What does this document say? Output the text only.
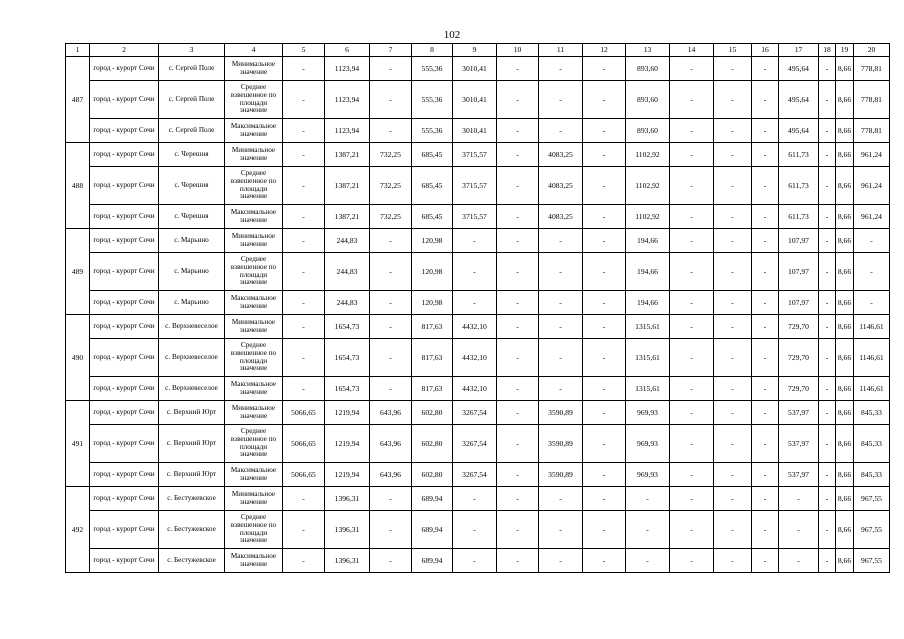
102
1	2	3	4	5	6	7	8	9	10	11	12	13	14	15	16	17	18	19	20
487	город - курорт Сочи	с. Сергей Поле	Минимальное значение	-	1123,94	-	555,36	3010,41	-	-	-	893,60	-	-	-	495,64	-	8,66	778,81
	город - курорт Сочи	с. Сергей Поле	Среднее взвешенное по площади значение	-	1123,94	-	555,36	3010,41	-	-	-	893,60	-	-	-	495,64	-	8,66	778,81
	город - курорт Сочи	с. Сергей Поле	Максимальное значение	-	1123,94	-	555,36	3010,41	-	-	-	893,60	-	-	-	495,64	-	8,66	778,81
488	город - курорт Сочи	с. Черешня	Минимальное значение	-	1387,21	732,25	685,45	3715,57	-	4083,25	-	1102,92	-	-	-	611,73	-	8,66	961,24
	город - курорт Сочи	с. Черешня	Среднее взвешенное по площади значение	-	1387,21	732,25	685,45	3715,57	-	4083,25	-	1102,92	-	-	-	611,73	-	8,66	961,24
	город - курорт Сочи	с. Черешня	Максимальное значение	-	1387,21	732,25	685,45	3715,57	-	4083,25	-	1102,92	-	-	-	611,73	-	8,66	961,24
489	город - курорт Сочи	с. Марьино	Минимальное значение	-	244,83	-	120,98	-	-	-	-	194,66	-	-	-	107,97	-	8,66	-
	город - курорт Сочи	с. Марьино	Среднее взвешенное по площади значение	-	244,83	-	120,98	-	-	-	-	194,66	-	-	-	107,97	-	8,66	-
	город - курорт Сочи	с. Марьино	Максимальное значение	-	244,83	-	120,98	-	-	-	-	194,66	-	-	-	107,97	-	8,66	-
490	город - курорт Сочи	с. Верхневеселое	Минимальное значение	-	1654,73	-	817,63	4432,10	-	-	-	1315,61	-	-	-	729,70	-	8,66	1146,61
	город - курорт Сочи	с. Верхневеселое	Среднее взвешенное по площади значение	-	1654,73	-	817,63	4432,10	-	-	-	1315,61	-	-	-	729,70	-	8,66	1146,61
	город - курорт Сочи	с. Верхневеселое	Максимальное значение	-	1654,73	-	817,63	4432,10	-	-	-	1315,61	-	-	-	729,70	-	8,66	1146,61
491	город - курорт Сочи	с. Верхний Юрт	Минимальное значение	5066,65	1219,94	643,96	602,80	3267,54	-	3590,89	-	969,93	-	-	-	537,97	-	8,66	845,33
	город - курорт Сочи	с. Верхний Юрт	Среднее взвешенное по площади значение	5066,65	1219,94	643,96	602,80	3267,54	-	3590,89	-	969,93	-	-	-	537,97	-	8,66	845,33
	город - курорт Сочи	с. Верхний Юрт	Максимальное значение	5066,65	1219,94	643,96	602,80	3267,54	-	3590,89	-	969,93	-	-	-	537,97	-	8,66	845,33
492	город - курорт Сочи	с. Бестужевское	Минимальное значение	-	1396,31	-	689,94	-	-	-	-	-	-	-	-	-	-	8,66	967,55
	город - курорт Сочи	с. Бестужевское	Среднее взвешенное по площади значение	-	1396,31	-	689,94	-	-	-	-	-	-	-	-	-	-	8,66	967,55
	город - курорт Сочи	с. Бестужевское	Максимальное значение	-	1396,31	-	689,94	-	-	-	-	-	-	-	-	-	-	8,66	967,55
